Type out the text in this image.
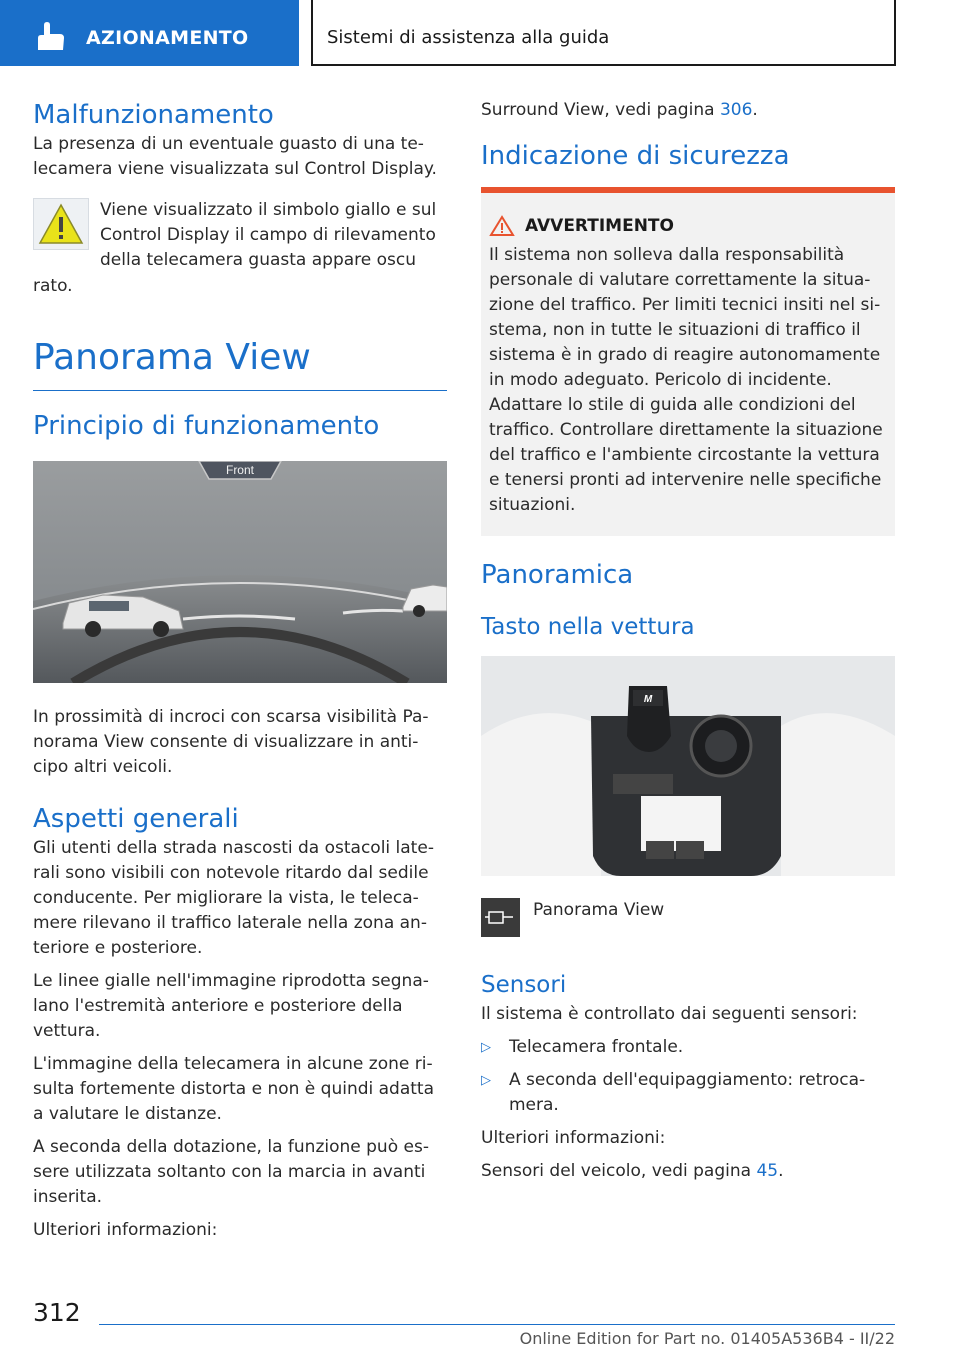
AZIONAMENTO	Sistemi di assistenza alla guida
Malfunzionamento

La presenza di un eventuale guasto di una telecamera viene visualizzata sul Control Display.

Viene visualizzato il simbolo giallo e sul Control Display il campo di rilevamento della telecamera guasta appare oscu

rato.

Panorama View
Principio di funzionamento
Front

In prossimità di incroci con scarsa visibilità Panorama View consente di visualizzare in anticipo altri veicoli.

Aspetti generali

Gli utenti della strada nascosti da ostacoli laterali sono visibili con notevole ritardo dal sedile conducente. Per migliorare la vista, le telecamere rilevano il traffico laterale nella zona anteriore e posteriore.

Le linee gialle nell'immagine riprodotta segnalano l'estremità anteriore e posteriore della vettura.

L'immagine della telecamera in alcune zone risulta fortemente distorta e non è quindi adatta a valutare le distanze.

A seconda della dotazione, la funzione può essere utilizzata soltanto con la marcia in avanti inserita.

Ulteriori informazioni:

Surround View, vedi pagina 306.

Indicazione di sicurezza
AVVERTIMENTO

Il sistema non solleva dalla responsabilità personale di valutare correttamente la situazione del traffico. Per limiti tecnici insiti nel sistema, non in tutte le situazioni di traffico il sistema è in grado di reagire autonomamente in modo adeguato. Pericolo di incidente. Adattare lo stile di guida alle condizioni del traffico. Controllare direttamente la situazione del traffico e l'ambiente circostante la vettura e tenersi pronti ad intervenire nelle specifiche situazioni.

Panoramica
Tasto nella vettura
M
Panorama View
Sensori

Il sistema è controllato dai seguenti sensori:

▷ Telecamera frontale.
▷ A seconda dell'equipaggiamento: retrocamera.

Ulteriori informazioni:

Sensori del veicolo, vedi pagina 45.

312
Online Edition for Part no. 01405A536B4 - II/22
